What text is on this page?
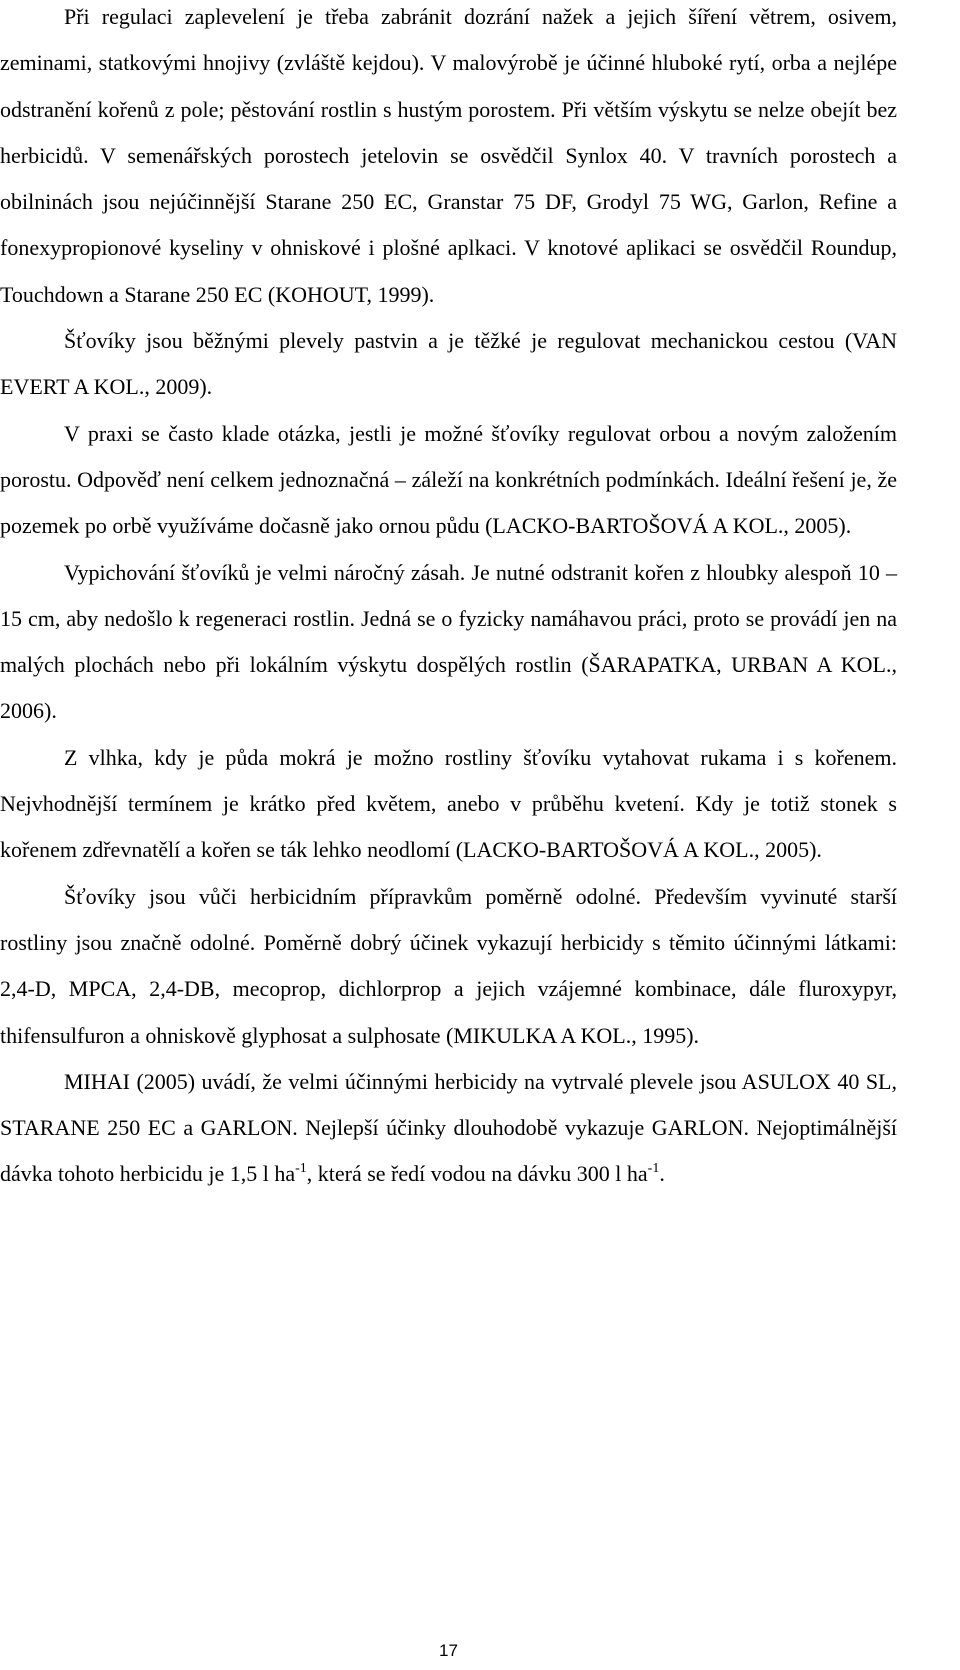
Při regulaci zaplevelení je třeba zabránit dozrání nažek a jejich šíření větrem, osivem, zeminami, statkovými hnojivy (zvláště kejdou). V malovýrobě je účinné hluboké rytí, orba a nejlépe odstranění kořenů z pole; pěstování rostlin s hustým porostem. Při větším výskytu se nelze obejít bez herbicidů. V semenářských porostech jetelovin se osvědčil Synlox 40. V travních porostech a obilninách jsou nejúčinnější Starane 250 EC, Granstar 75 DF, Grodyl 75 WG, Garlon, Refine a fonexypropionové kyseliny v ohniskové i plošné aplkaci. V knotové aplikaci se osvědčil Roundup, Touchdown a Starane 250 EC (KOHOUT, 1999).

Šťovíky jsou běžnými plevely pastvin a je těžké je regulovat mechanickou cestou (VAN EVERT A KOL., 2009).

V praxi se často klade otázka, jestli je možné šťovíky regulovat orbou a novým založením porostu. Odpověď není celkem jednoznačná – záleží na konkrétních podmínkách. Ideální řešení je, že pozemek po orbě využíváme dočasně jako ornou půdu (LACKO-BARTOŠOVÁ A KOL., 2005).

Vypichování šťovíků je velmi náročný zásah. Je nutné odstranit kořen z hloubky alespoň 10 – 15 cm, aby nedošlo k regeneraci rostlin. Jedná se o fyzicky namáhavou práci, proto se provádí jen na malých plochách nebo při lokálním výskytu dospělých rostlin (ŠARAPATKA, URBAN A KOL., 2006).

Z vlhka, kdy je půda mokrá je možno rostliny šťovíku vytahovat rukama i s kořenem. Nejvhodnější termínem je krátko před květem, anebo v průběhu kvetení. Kdy je totiž stonek s kořenem zdřevnatělí a kořen se ták lehko neodlomí (LACKO-BARTOŠOVÁ A KOL., 2005).

Šťovíky jsou vůči herbicidním přípravkům poměrně odolné. Především vyvinuté starší rostliny jsou značně odolné. Poměrně dobrý účinek vykazují herbicidy s těmito účinnými látkami: 2,4-D, MPCA, 2,4-DB, mecoprop, dichlorprop a jejich vzájemné kombinace, dále fluroxypyr, thifensulfuron a ohniskově glyphosat a sulphosate (MIKULKA A KOL., 1995).

MIHAI (2005) uvádí, že velmi účinnými herbicidy na vytrvalé plevele jsou ASULOX 40 SL, STARANE 250 EC a GARLON. Nejlepší účinky dlouhodobě vykazuje GARLON. Nejoptimálnější dávka tohoto herbicidu je 1,5 l $ha^{-1}$, která se ředí vodou na dávku 300 l $ha^{-1}$.

17
